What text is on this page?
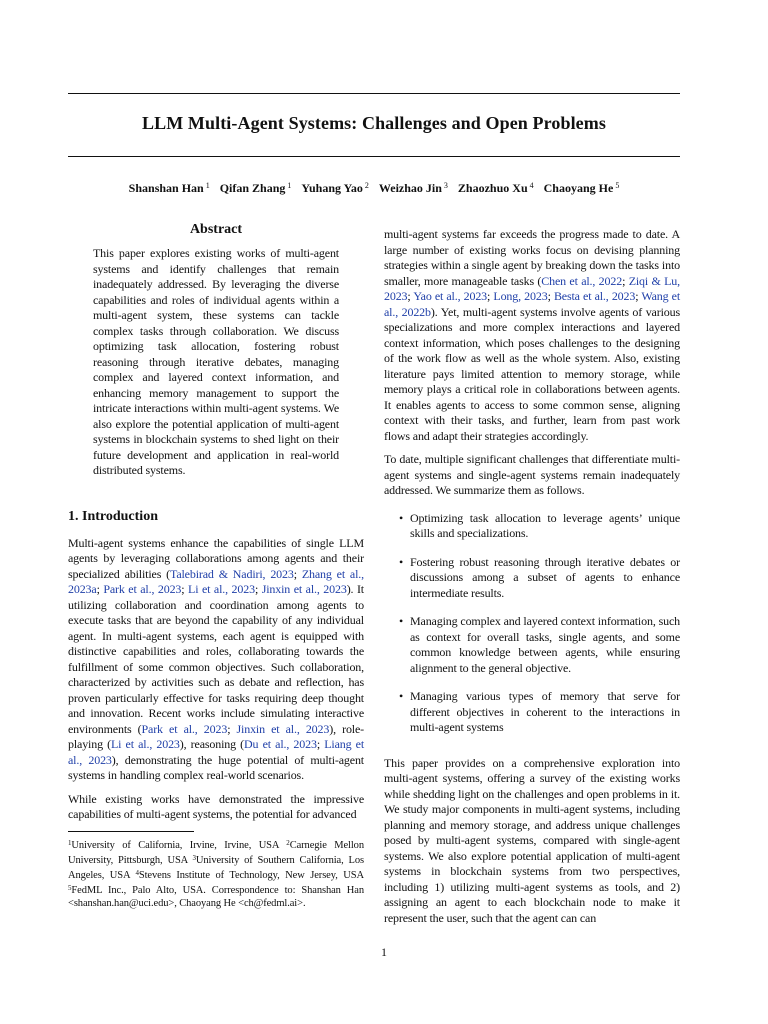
LLM Multi-Agent Systems: Challenges and Open Problems
Shanshan Han $^1$ Qifan Zhang $^1$ Yuhang Yao $^2$ Weizhao Jin $^3$ Zhaozhuo Xu $^4$ Chaoyang He $^5$
Abstract

This paper explores existing works of multi-agent systems and identify challenges that remain inadequately addressed. By leveraging the diverse capabilities and roles of individual agents within a multi-agent system, these systems can tackle complex tasks through collaboration. We discuss optimizing task allocation, fostering robust reasoning through iterative debates, managing complex and layered context information, and enhancing memory management to support the intricate interactions within multi-agent systems. We also explore the potential application of multi-agent systems in blockchain systems to shed light on their future development and application in real-world distributed systems.

1. Introduction

Multi-agent systems enhance the capabilities of single LLM agents by leveraging collaborations among agents and their specialized abilities (Talebirad & Nadiri, 2023; Zhang et al., 2023a; Park et al., 2023; Li et al., 2023; Jinxin et al., 2023). It utilizing collaboration and coordination among agents to execute tasks that are beyond the capability of any individual agent. In multi-agent systems, each agent is equipped with distinctive capabilities and roles, collaborating towards the fulfillment of some common objectives. Such collaboration, characterized by activities such as debate and reflection, has proven particularly effective for tasks requiring deep thought and innovation. Recent works include simulating interactive environments (Park et al., 2023; Jinxin et al., 2023), role-playing (Li et al., 2023), reasoning (Du et al., 2023; Liang et al., 2023), demonstrating the huge potential of multi-agent systems in handling complex real-world scenarios.

While existing works have demonstrated the impressive capabilities of multi-agent systems, the potential for advanced

$^1$University of California, Irvine, Irvine, USA $^2$Carnegie Mellon University, Pittsburgh, USA $^3$University of Southern California, Los Angeles, USA $^4$Stevens Institute of Technology, New Jersey, USA $^5$FedML Inc., Palo Alto, USA. Correspondence to: Shanshan Han <shanshan.han@uci.edu>, Chaoyang He <ch@fedml.ai>.

multi-agent systems far exceeds the progress made to date. A large number of existing works focus on devising planning strategies within a single agent by breaking down the tasks into smaller, more manageable tasks (Chen et al., 2022; Ziqi & Lu, 2023; Yao et al., 2023; Long, 2023; Besta et al., 2023; Wang et al., 2022b). Yet, multi-agent systems involve agents of various specializations and more complex interactions and layered context information, which poses challenges to the designing of the work flow as well as the whole system. Also, existing literature pays limited attention to memory storage, while memory plays a critical role in collaborations between agents. It enables agents to access to some common sense, aligning context with their tasks, and further, learn from past work flows and adapt their strategies accordingly.

To date, multiple significant challenges that differentiate multi-agent systems and single-agent systems remain inadequately addressed. We summarize them as follows.

• Optimizing task allocation to leverage agents’ unique skills and specializations.
• Fostering robust reasoning through iterative debates or discussions among a subset of agents to enhance intermediate results.
• Managing complex and layered context information, such as context for overall tasks, single agents, and some common knowledge between agents, while ensuring alignment to the general objective.
• Managing various types of memory that serve for different objectives in coherent to the interactions in multi-agent systems

This paper provides on a comprehensive exploration into multi-agent systems, offering a survey of the existing works while shedding light on the challenges and open problems in it. We study major components in multi-agent systems, including planning and memory storage, and address unique challenges posed by multi-agent systems, compared with single-agent systems. We also explore potential application of multi-agent systems in blockchain systems from two perspectives, including 1) utilizing multi-agent systems as tools, and 2) assigning an agent to each blockchain node to make it represent the user, such that the agent can can

1
